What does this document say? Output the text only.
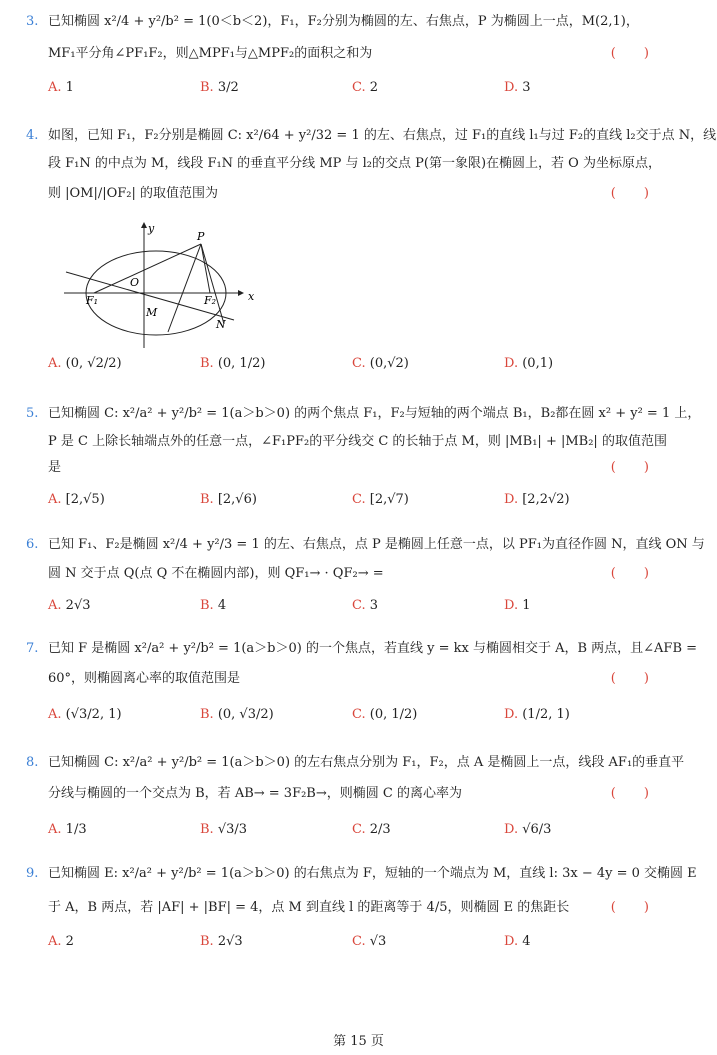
3. 已知椭圆 x²/4 + y²/b² = 1(0＜b＜2)，F₁，F₂分别为椭圆的左、右焦点，P 为椭圆上一点，M(2,1)，
MF₁平分角∠PF₁F₂，则△MPF₁与△MPF₂的面积之和为	( )
A. 1	B. 3/2	C. 2	D. 3
4. 如图，已知 F₁，F₂分别是椭圆 C: x²/64 + y²/32 = 1 的左、右焦点，过 F₁的直线 l₁与过 F₂的直线 l₂交于点 N，线
段 F₁N 的中点为 M，线段 F₁N 的垂直平分线 MP 与 l₂的交点 P(第一象限)在椭圆上，若 O 为坐标原点，
则 |OM|/|OF₂| 的取值范围为	( )
y
P
O
F₁	F₂	x
M
N
A. (0, √2/2)	B. (0, 1/2)	C. (0,√2)	D. (0,1)
5. 已知椭圆 C: x²/a² + y²/b² = 1(a＞b＞0) 的两个焦点 F₁，F₂与短轴的两个端点 B₁，B₂都在圆 x² + y² = 1 上，
P 是 C 上除长轴端点外的任意一点，∠F₁PF₂的平分线交 C 的长轴于点 M，则 |MB₁| + |MB₂| 的取值范围
是	( )
A. [2,√5)	B. [2,√6)	C. [2,√7)	D. [2,2√2)
6. 已知 F₁、F₂是椭圆 x²/4 + y²/3 = 1 的左、右焦点，点 P 是椭圆上任意一点，以 PF₁为直径作圆 N，直线 ON 与
圆 N 交于点 Q(点 Q 不在椭圆内部)，则 QF₁→ · QF₂→ =	( )
A. 2√3	B. 4	C. 3	D. 1
7. 已知 F 是椭圆 x²/a² + y²/b² = 1(a＞b＞0) 的一个焦点，若直线 y = kx 与椭圆相交于 A，B 两点，且∠AFB =
60°，则椭圆离心率的取值范围是	( )
A. (√3/2, 1)	B. (0, √3/2)	C. (0, 1/2)	D. (1/2, 1)
8. 已知椭圆 C: x²/a² + y²/b² = 1(a＞b＞0) 的左右焦点分别为 F₁，F₂，点 A 是椭圆上一点，线段 AF₁的垂直平
分线与椭圆的一个交点为 B，若 AB→ = 3F₂B→，则椭圆 C 的离心率为	( )
A. 1/3	B. √3/3	C. 2/3	D. √6/3
9. 已知椭圆 E: x²/a² + y²/b² = 1(a＞b＞0) 的右焦点为 F，短轴的一个端点为 M，直线 l: 3x − 4y = 0 交椭圆 E
于 A，B 两点，若 |AF| + |BF| = 4，点 M 到直线 l 的距离等于 4/5，则椭圆 E 的焦距长	( )
A. 2	B. 2√3	C. √3	D. 4
第 15 页
